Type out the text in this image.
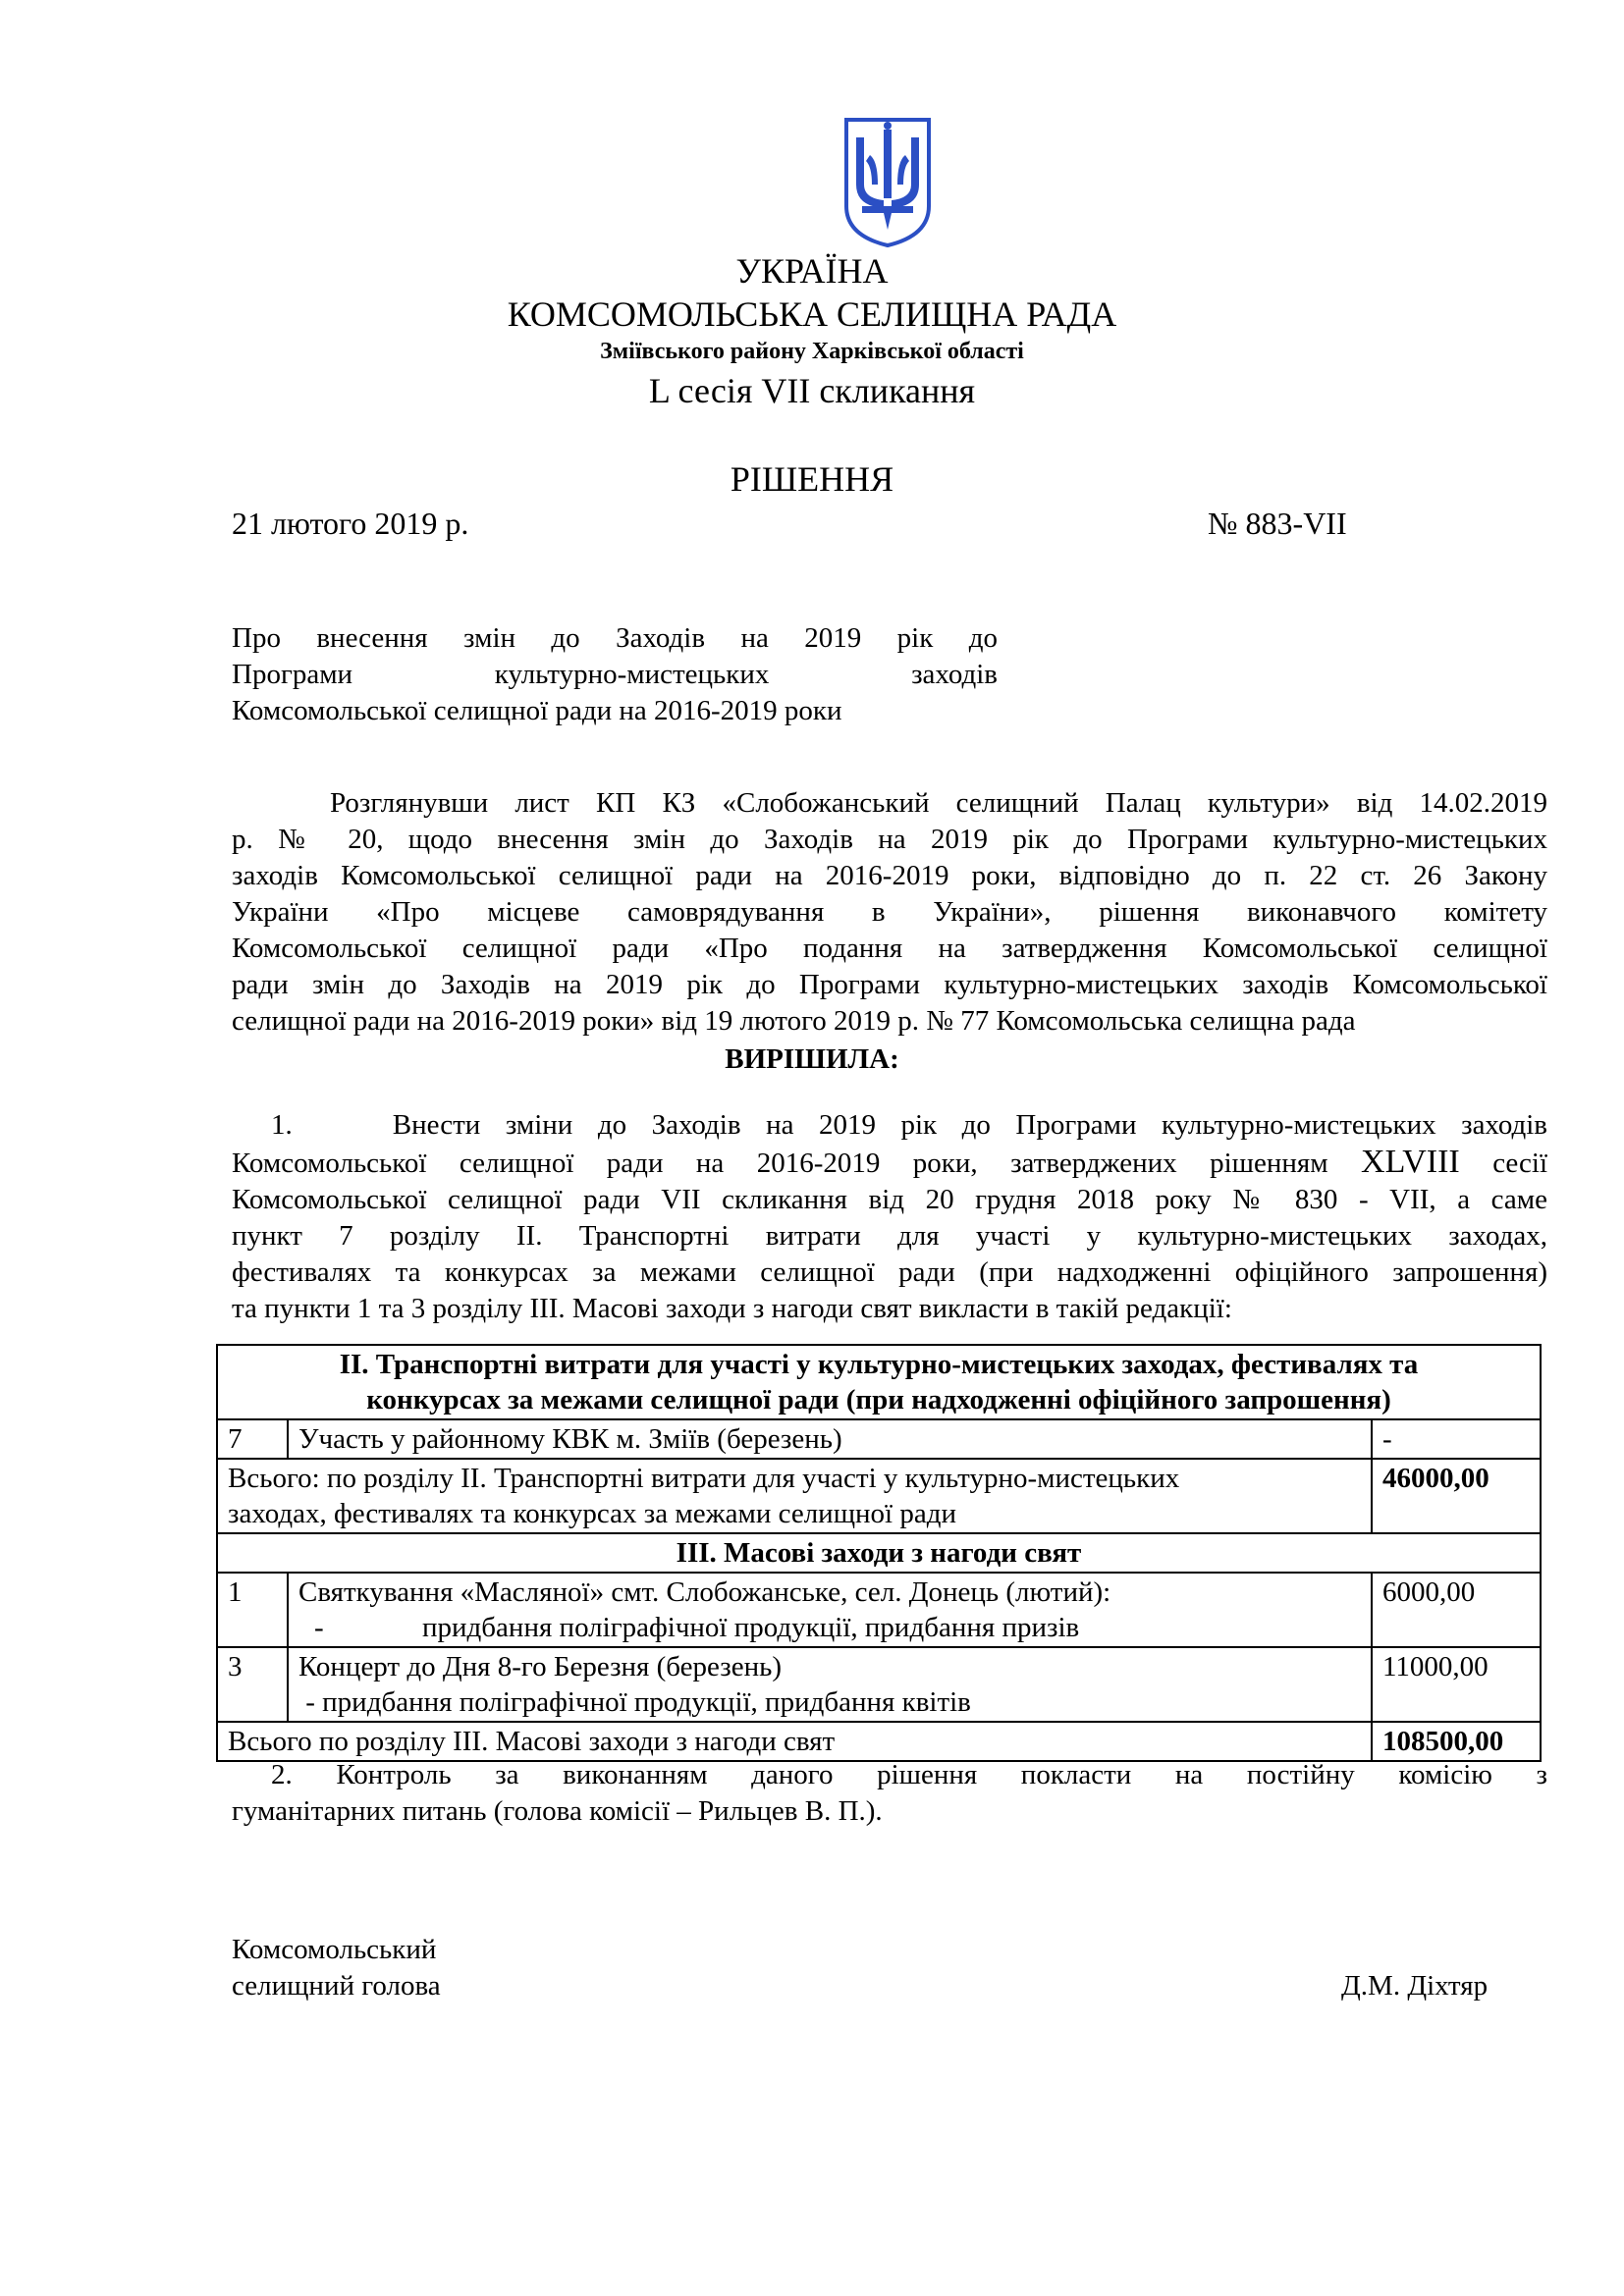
УКРАЇНА
КОМСОМОЛЬСЬКА СЕЛИЩНА РАДА
Зміївського району Харківської області
L сесія VII скликання
РІШЕННЯ
21 лютого 2019 р.	№ 883-VII
Про внесення змін до Заходів на 2019 рік до
Програми культурно-мистецьких заходів
Комсомольської селищної ради на 2016-2019 роки
Розглянувши лист КП КЗ «Слобожанський селищний Палац культури» від 14.02.2019
р. № 20, щодо внесення змін до Заходів на 2019 рік до Програми культурно-мистецьких
заходів Комсомольської селищної ради на 2016-2019 роки, відповідно до п. 22 ст. 26 Закону
України «Про місцеве самоврядування в України», рішення виконавчого комітету
Комсомольської селищної ради «Про подання на затвердження Комсомольської селищної
ради змін до Заходів на 2019 рік до Програми культурно-мистецьких заходів Комсомольської
селищної ради на 2016-2019 роки» від 19 лютого 2019 р. № 77 Комсомольська селищна рада
ВИРІШИЛА:
1.	Внести зміни до Заходів на 2019 рік до Програми культурно-мистецьких заходів
Комсомольської селищної ради на 2016-2019 роки, затверджених рішенням XLVIII сесії
Комсомольської селищної ради VII скликання від 20 грудня 2018 року № 830 - VII, а саме
пункт 7 розділу ІІ. Транспортні витрати для участі у культурно-мистецьких заходах,
фестивалях та конкурсах за межами селищної ради (при надходженні офіційного запрошення)
та пункти 1 та 3 розділу ІІІ. Масові заходи з нагоди свят викласти в такій редакції:
ІІ. Транспортні витрати для участі у культурно-мистецьких заходах, фестивалях та
конкурсах за межами селищної ради (при надходженні офіційного запрошення)		
7	Участь у районному КВК м. Зміїв (березень)	-
Всього: по розділу ІІ. Транспортні витрати для участі у культурно-мистецьких
заходах, фестивалях та конкурсах за межами селищної ради		46000,00
ІІІ. Масові заходи з нагоди свят		
1	Святкування «Масляної» смт. Слобожанське, сел. Донець (лютий):
- придбання поліграфічної продукції, придбання призів	6000,00
3	Концерт до Дня 8-го Березня (березень)
- придбання поліграфічної продукції, придбання квітів	11000,00
Всього по розділу ІІІ. Масові заходи з нагоди свят		108500,00
2. Контроль за виконанням даного рішення покласти на постійну комісію з
гуманітарних питань (голова комісії – Рильцев В. П.).
Комсомольський
селищний голова	Д.М. Діхтяр
